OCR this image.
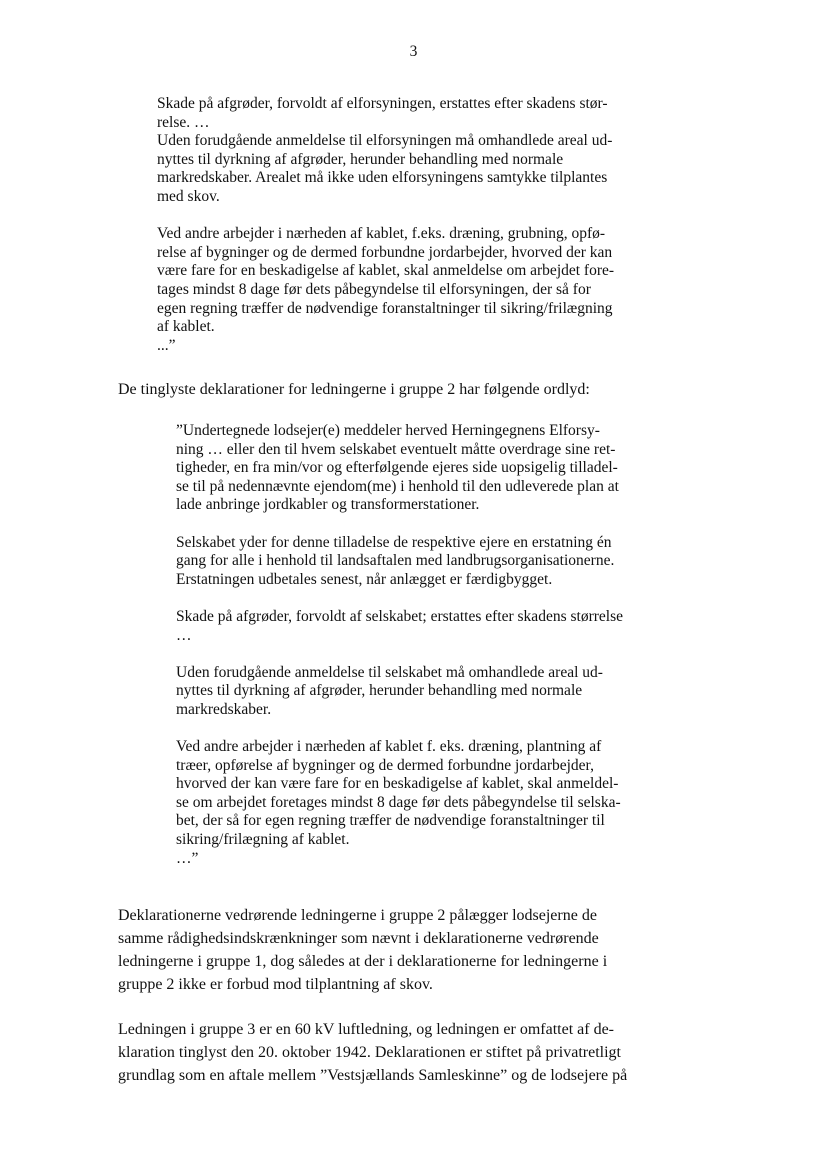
3

Skade på afgrøder, forvoldt af elforsyningen, erstattes efter skadens stør-

relse. …

Uden forudgående anmeldelse til elforsyningen må omhandlede areal ud-

nyttes til dyrkning af afgrøder, herunder behandling med normale

markredskaber. Arealet må ikke uden elforsyningens samtykke tilplantes

med skov.

Ved andre arbejder i nærheden af kablet, f.eks. dræning, grubning, opfø-

relse af bygninger og de dermed forbundne jordarbejder, hvorved der kan

være fare for en beskadigelse af kablet, skal anmeldelse om arbejdet fore-

tages mindst 8 dage før dets påbegyndelse til elforsyningen, der så for

egen regning træffer de nødvendige foranstaltninger til sikring/frilægning

af kablet.

...”

De tinglyste deklarationer for ledningerne i gruppe 2 har følgende ordlyd:

”Undertegnede lodsejer(e) meddeler herved Herningegnens Elforsy-

ning … eller den til hvem selskabet eventuelt måtte overdrage sine ret-

tigheder, en fra min/vor og efterfølgende ejeres side uopsigelig tilladel-

se til på nedennævnte ejendom(me) i henhold til den udleverede plan at

lade anbringe jordkabler og transformerstationer.

Selskabet yder for denne tilladelse de respektive ejere en erstatning én

gang for alle i henhold til landsaftalen med landbrugsorganisationerne.

Erstatningen udbetales senest, når anlægget er færdigbygget.

Skade på afgrøder, forvoldt af selskabet; erstattes efter skadens størrelse

…

Uden forudgående anmeldelse til selskabet må omhandlede areal ud-

nyttes til dyrkning af afgrøder, herunder behandling med normale

markredskaber.

Ved andre arbejder i nærheden af kablet f. eks. dræning, plantning af

træer, opførelse af bygninger og de dermed forbundne jordarbejder,

hvorved der kan være fare for en beskadigelse af kablet, skal anmeldel-

se om arbejdet foretages mindst 8 dage før dets påbegyndelse til selska-

bet, der så for egen regning træffer de nødvendige foranstaltninger til

sikring/frilægning af kablet.

…”

Deklarationerne vedrørende ledningerne i gruppe 2 pålægger lodsejerne de

samme rådighedsindskrænkninger som nævnt i deklarationerne vedrørende

ledningerne i gruppe 1, dog således at der i deklarationerne for ledningerne i

gruppe 2 ikke er forbud mod tilplantning af skov.

Ledningen i gruppe 3 er en 60 kV luftledning, og ledningen er omfattet af de-

klaration tinglyst den 20. oktober 1942. Deklarationen er stiftet på privatretligt

grundlag som en aftale mellem ”Vestsjællands Samleskinne” og de lodsejere på
